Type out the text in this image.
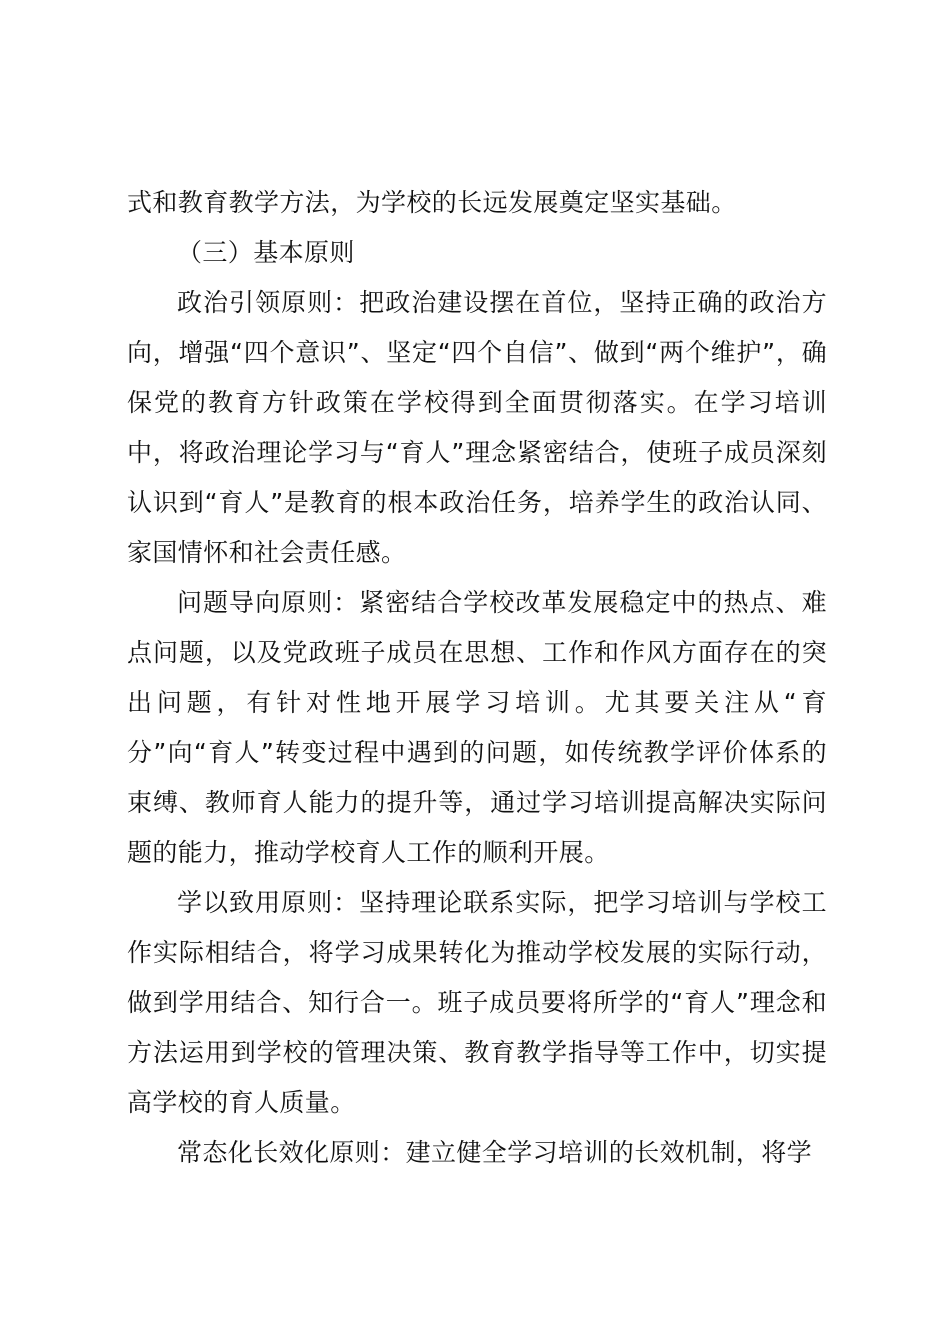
式和教育教学方法，为学校的长远发展奠定坚实基础。

（三）基本原则

政治引领原则：把政治建设摆在首位，坚持正确的政治方向，增强“四个意识”、坚定“四个自信”、做到“两个维护”，确保党的教育方针政策在学校得到全面贯彻落实。在学习培训中，将政治理论学习与“育人”理念紧密结合，使班子成员深刻认识到“育人”是教育的根本政治任务，培养学生的政治认同、家国情怀和社会责任感。

问题导向原则：紧密结合学校改革发展稳定中的热点、难点问题，以及党政班子成员在思想、工作和作风方面存在的突出问题，有针对性地开展学习培训。尤其要关注从“育分”向“育人”转变过程中遇到的问题，如传统教学评价体系的束缚、教师育人能力的提升等，通过学习培训提高解决实际问题的能力，推动学校育人工作的顺利开展。

学以致用原则：坚持理论联系实际，把学习培训与学校工作实际相结合，将学习成果转化为推动学校发展的实际行动，做到学用结合、知行合一。班子成员要将所学的“育人”理念和方法运用到学校的管理决策、教育教学指导等工作中，切实提高学校的育人质量。

常态化长效化原则：建立健全学习培训的长效机制，将学
